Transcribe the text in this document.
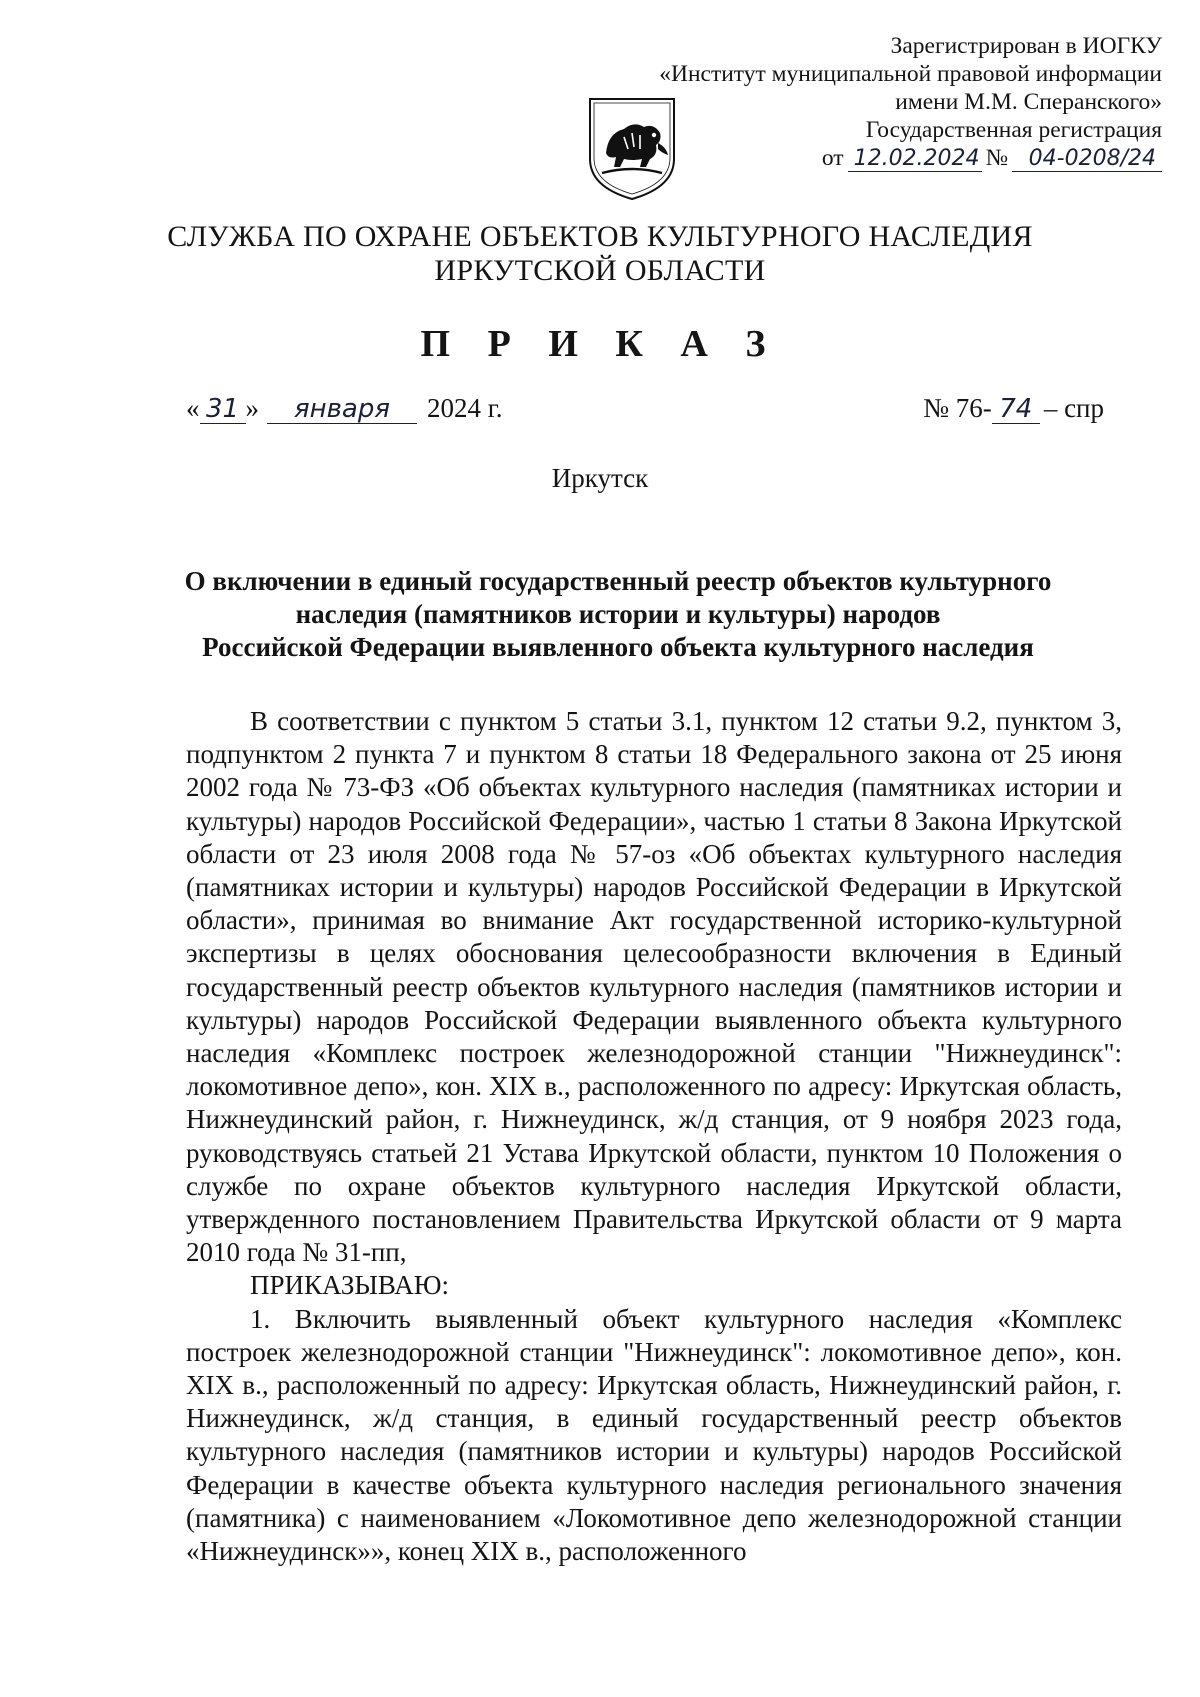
Зарегистрирован в ИОГКУ
«Институт муниципальной правовой информации
имени М.М. Сперанского»
Государственная регистрация
от 12.02.2024 № 04-0208/24
СЛУЖБА ПО ОХРАНЕ ОБЪЕКТОВ КУЛЬТУРНОГО НАСЛЕДИЯ
ИРКУТСКОЙ ОБЛАСТИ
П Р И К А З
« 31 »	января	2024 г.	№ 76- 74 – спр
Иркутск
О включении в единый государственный реестр объектов культурного
наследия (памятников истории и культуры) народов
Российской Федерации выявленного объекта культурного наследия

В соответствии с пунктом 5 статьи 3.1, пунктом 12 статьи 9.2, пунктом 3, подпунктом 2 пункта 7 и пунктом 8 статьи 18 Федерального закона от 25 июня 2002 года № 73-ФЗ «Об объектах культурного наследия (памятниках истории и культуры) народов Российской Федерации», частью 1 статьи 8 Закона Иркутской области от 23 июля 2008 года № 57-оз «Об объектах культурного наследия (памятниках истории и культуры) народов Российской Федерации в Иркутской области», принимая во внимание Акт государственной историко-культурной экспертизы в целях обоснования целесообразности включения в Единый государственный реестр объектов культурного наследия (памятников истории и культуры) народов Российской Федерации выявленного объекта культурного наследия «Комплекс построек железнодорожной станции "Нижнеудинск": локомотивное депо», кон. XIX в., расположенного по адресу: Иркутская область, Нижнеудинский район, г. Нижнеудинск, ж/д станция, от 9 ноября 2023 года, руководствуясь статьей 21 Устава Иркутской области, пунктом 10 Положения о службе по охране объектов культурного наследия Иркутской области, утвержденного постановлением Правительства Иркутской области от 9 марта 2010 года № 31-пп,

ПРИКАЗЫВАЮ:

1. Включить выявленный объект культурного наследия «Комплекс построек железнодорожной станции "Нижнеудинск": локомотивное депо», кон. XIX в., расположенный по адресу: Иркутская область, Нижнеудинский район, г. Нижнеудинск, ж/д станция, в единый государственный реестр объектов культурного наследия (памятников истории и культуры) народов Российской Федерации в качестве объекта культурного наследия регионального значения (памятника) с наименованием «Локомотивное депо железнодорожной станции «Нижнеудинск»», конец XIX в., расположенного
